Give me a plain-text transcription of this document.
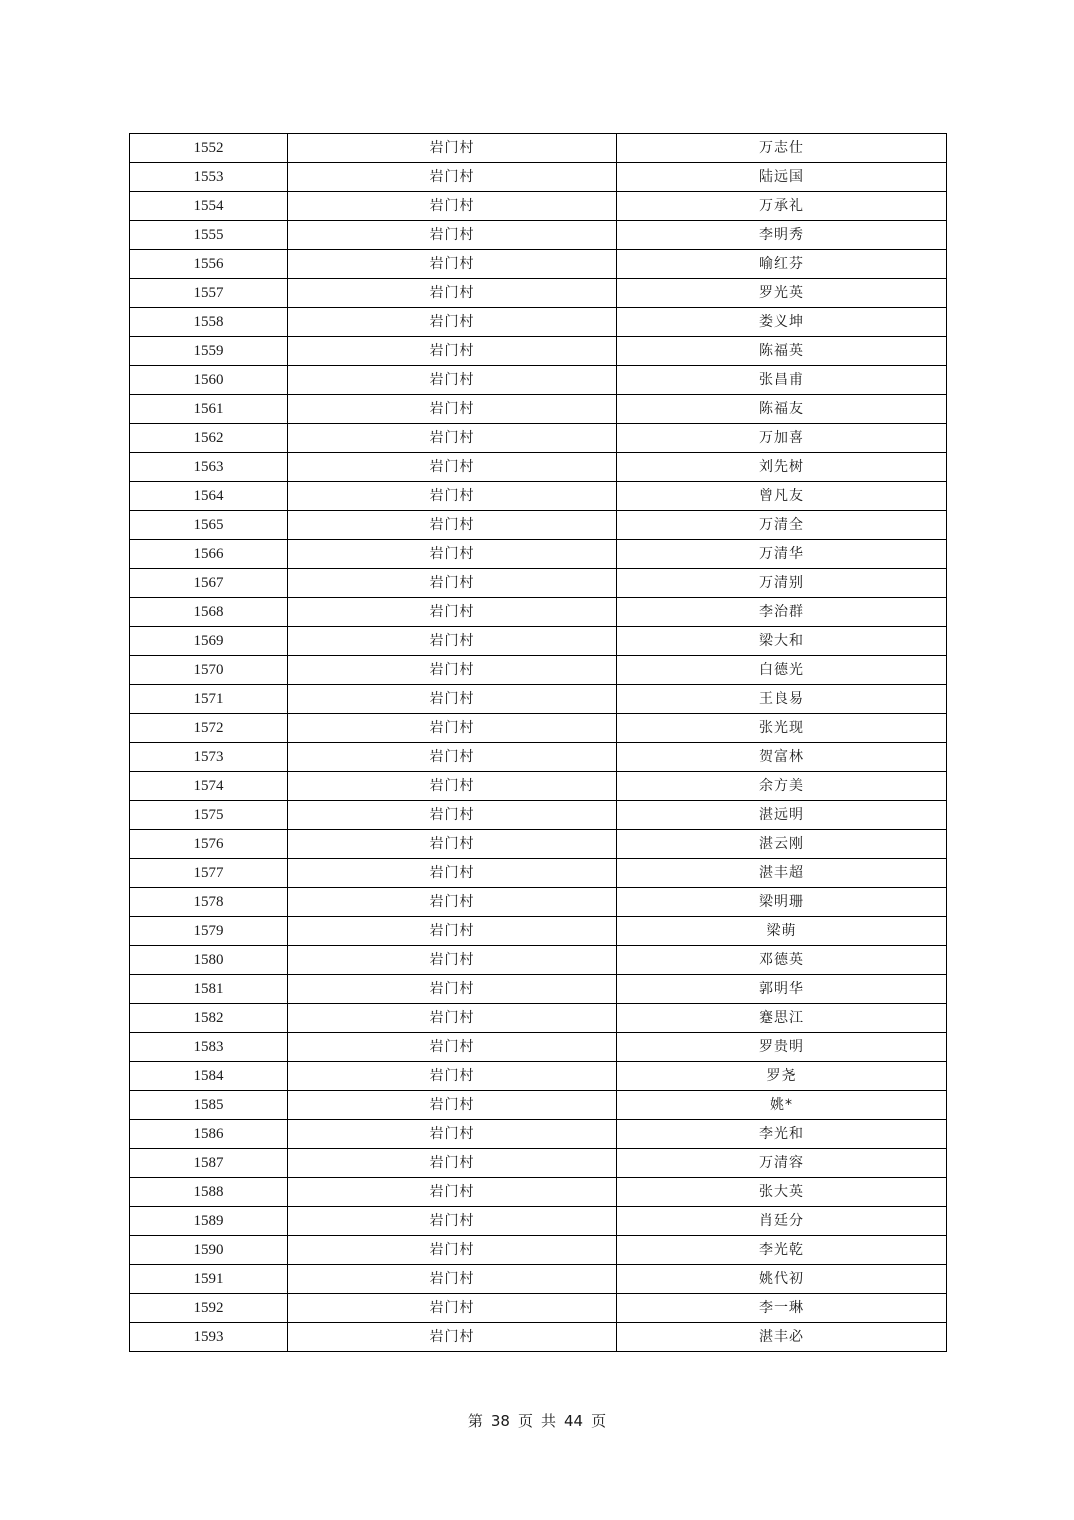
1552	岩门村	万志仕
1553	岩门村	陆远国
1554	岩门村	万承礼
1555	岩门村	李明秀
1556	岩门村	喻红芬
1557	岩门村	罗光英
1558	岩门村	娄义坤
1559	岩门村	陈福英
1560	岩门村	张昌甫
1561	岩门村	陈福友
1562	岩门村	万加喜
1563	岩门村	刘先树
1564	岩门村	曾凡友
1565	岩门村	万清全
1566	岩门村	万清华
1567	岩门村	万清别
1568	岩门村	李治群
1569	岩门村	梁大和
1570	岩门村	白德光
1571	岩门村	王良易
1572	岩门村	张光现
1573	岩门村	贺富林
1574	岩门村	余方美
1575	岩门村	湛远明
1576	岩门村	湛云刚
1577	岩门村	湛丰超
1578	岩门村	梁明珊
1579	岩门村	梁萌
1580	岩门村	邓德英
1581	岩门村	郭明华
1582	岩门村	蹇思江
1583	岩门村	罗贵明
1584	岩门村	罗尧
1585	岩门村	姚*
1586	岩门村	李光和
1587	岩门村	万清容
1588	岩门村	张大英
1589	岩门村	肖廷分
1590	岩门村	李光乾
1591	岩门村	姚代初
1592	岩门村	李一琳
1593	岩门村	湛丰必
第 38 页 共 44 页
